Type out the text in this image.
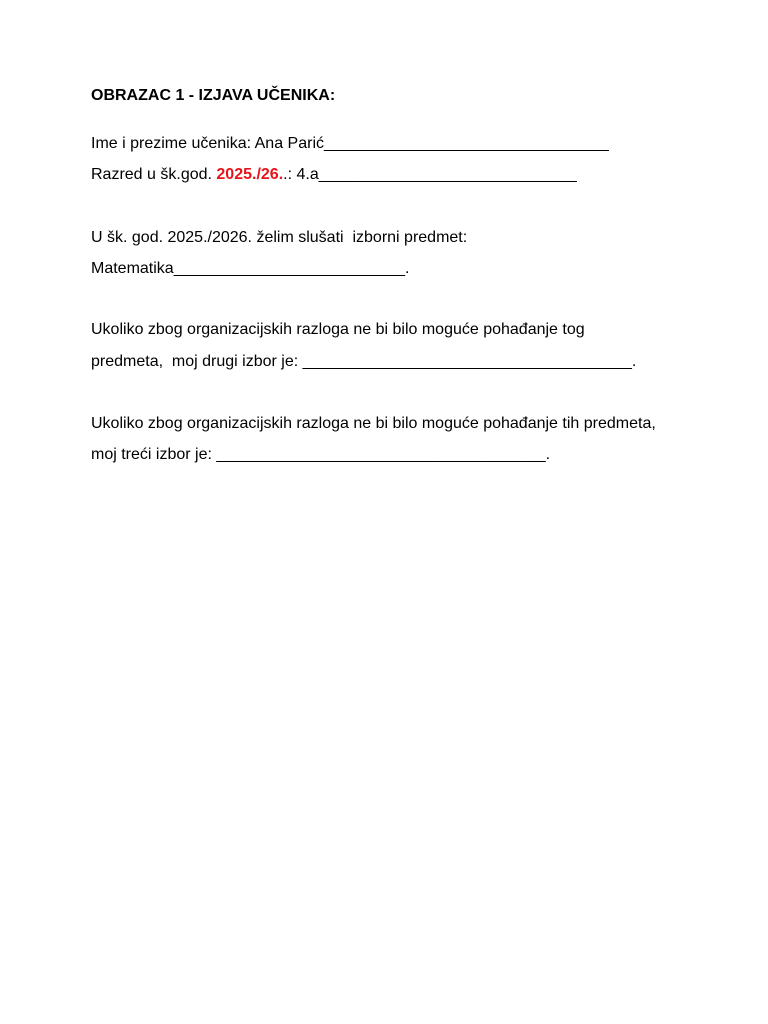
OBRAZAC 1 - IZJAVA UČENIKA:
Ime i prezime učenika: Ana Parić________________________________
Razred u šk.god. 2025./26..: 4.a_____________________________
U šk. god. 2025./2026. želim slušati  izborni predmet:
Matematika__________________________.
Ukoliko zbog organizacijskih razloga ne bi bilo moguće pohađanje tog
predmeta,  moj drugi izbor je: _____________________________________.
Ukoliko zbog organizacijskih razloga ne bi bilo moguće pohađanje tih predmeta,
moj treći izbor je: _____________________________________.
